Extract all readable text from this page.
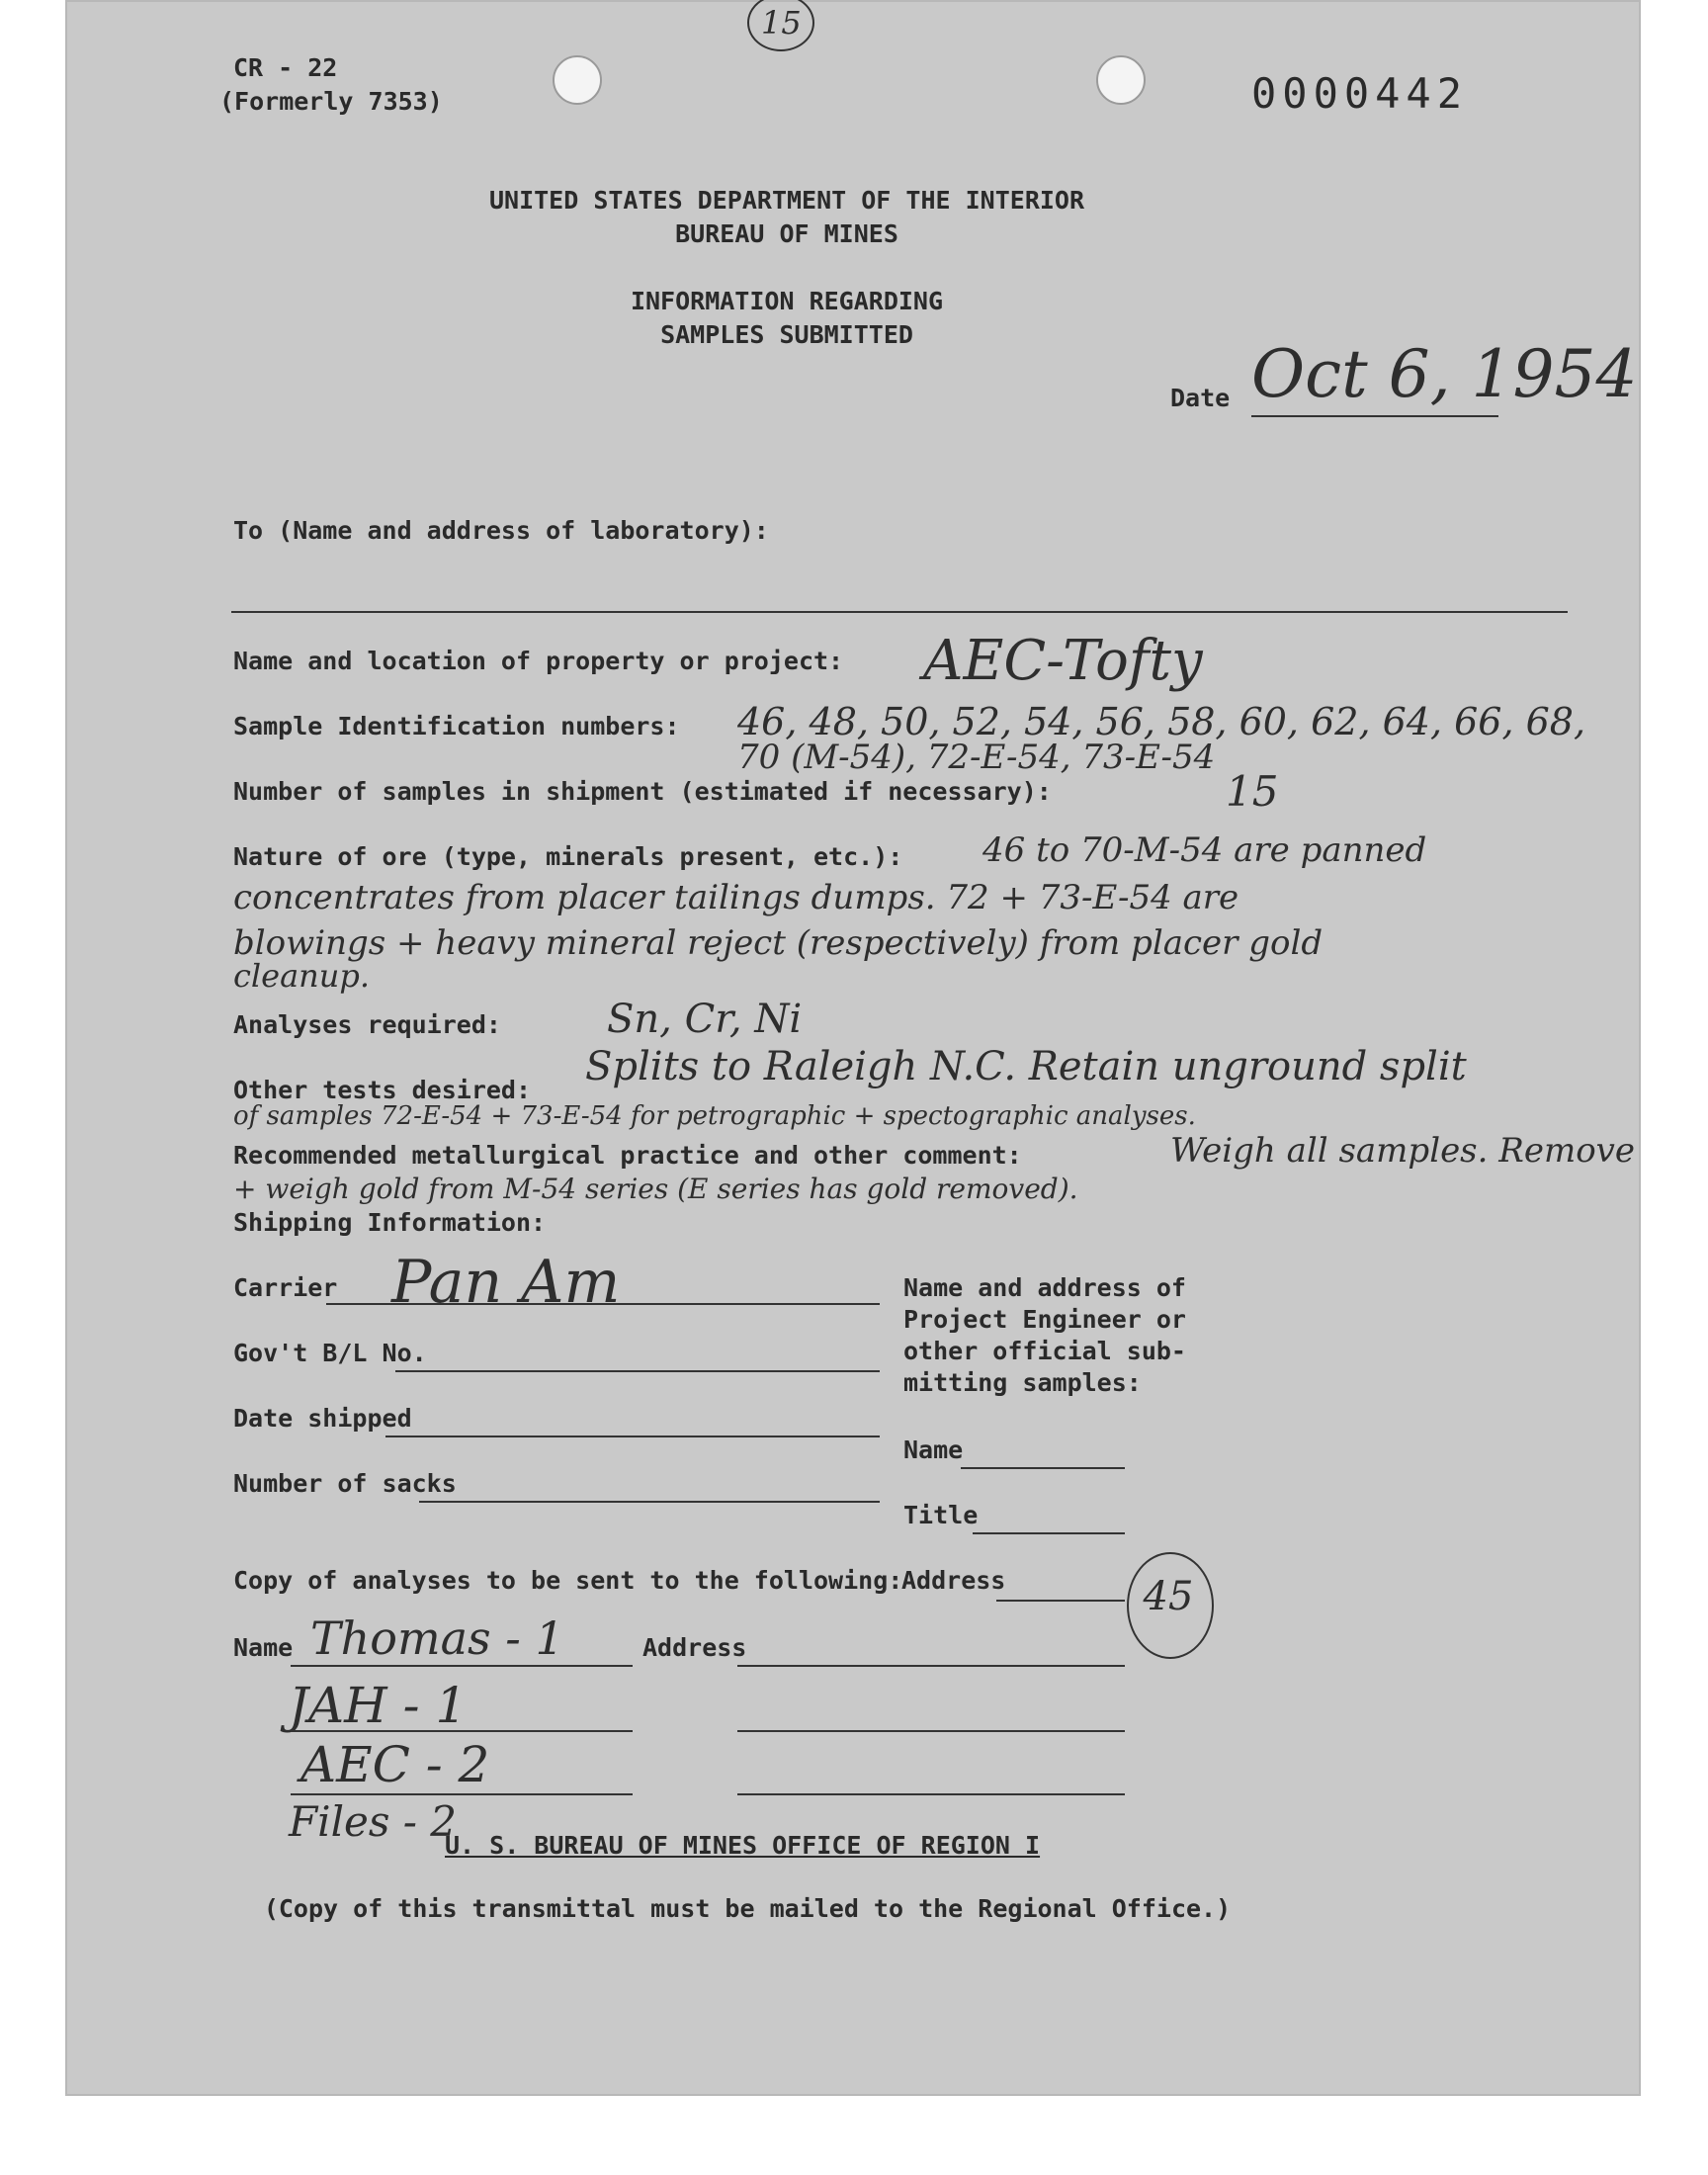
CR - 22
(Formerly 7353)
15
0000442
UNITED STATES DEPARTMENT OF THE INTERIOR
BUREAU OF MINES
INFORMATION REGARDING
SAMPLES SUBMITTED
Date Oct 6, 1954
To (Name and address of laboratory):
Name and location of property or project: AEC-Tofty
Sample Identification numbers: 46, 48, 50, 52, 54, 56, 58, 60, 62, 64, 66, 68,
70 (M-54), 72-E-54, 73-E-54
Number of samples in shipment (estimated if necessary):	15
Nature of ore (type, minerals present, etc.): 46 to 70-M-54 are panned
concentrates from placer tailings dumps. 72 + 73-E-54 are
blowings + heavy mineral reject (respectively) from placer gold
cleanup.
Analyses required:	Sn, Cr, Ni
Other tests desired:
Splits to Raleigh N.C. Retain unground split
of samples 72-E-54 + 73-E-54 for petrographic + spectographic analyses.
Recommended metallurgical practice and other comment:	Weigh all samples. Remove
+ weigh gold from M-54 series (E series has gold removed).
Shipping Information:
Carrier Pan Am
Gov't B/L No.
Date shipped
Number of sacks
Name and address of
Project Engineer or
other official sub-
mitting samples:
Name
Title
Address	45
Copy of analyses to be sent to the following:
Name	Address
Thomas - 1
JAH - 1
AEC - 2
Files - 2
U. S. BUREAU OF MINES OFFICE OF REGION I
(Copy of this transmittal must be mailed to the Regional Office.)
